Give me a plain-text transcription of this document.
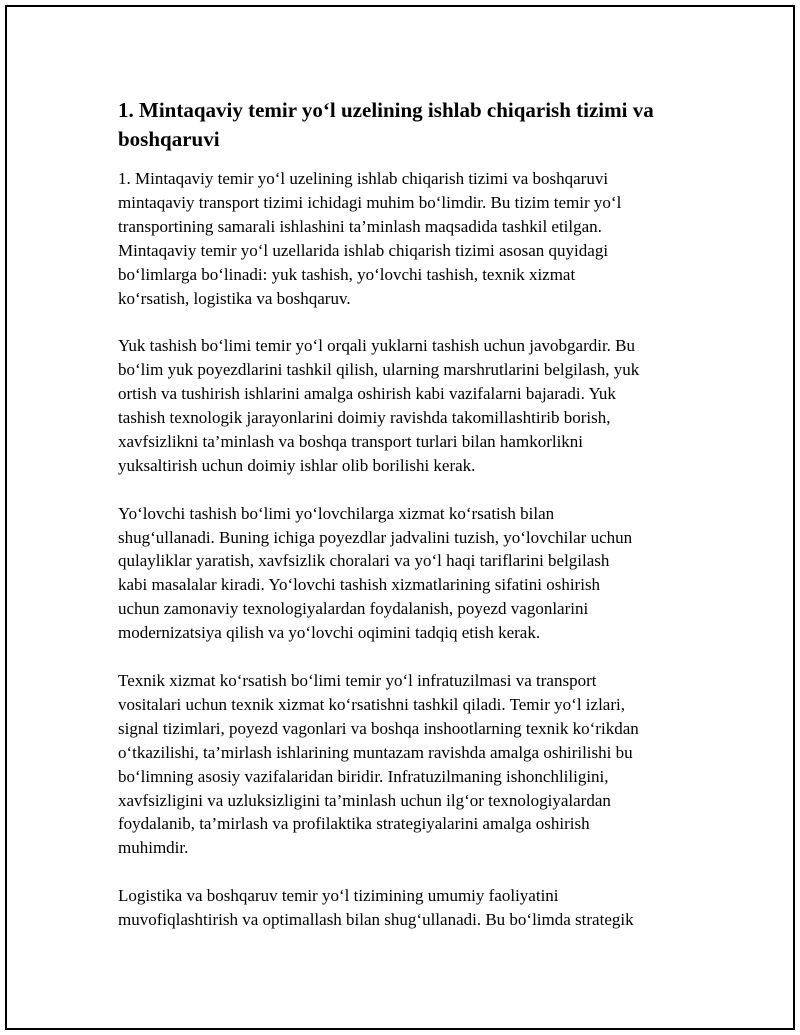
1. Mintaqaviy temir yo‘l uzelining ishlab chiqarish tizimi va boshqaruvi

1. Mintaqaviy temir yo‘l uzelining ishlab chiqarish tizimi va boshqaruvi
mintaqaviy transport tizimi ichidagi muhim bo‘limdir. Bu tizim temir yo‘l
transportining samarali ishlashini ta’minlash maqsadida tashkil etilgan.
Mintaqaviy temir yo‘l uzellarida ishlab chiqarish tizimi asosan quyidagi
bo‘limlarga bo‘linadi: yuk tashish, yo‘lovchi tashish, texnik xizmat
ko‘rsatish, logistika va boshqaruv.

Yuk tashish bo‘limi temir yo‘l orqali yuklarni tashish uchun javobgardir. Bu
bo‘lim yuk poyezdlarini tashkil qilish, ularning marshrutlarini belgilash, yuk
ortish va tushirish ishlarini amalga oshirish kabi vazifalarni bajaradi. Yuk
tashish texnologik jarayonlarini doimiy ravishda takomillashtirib borish,
xavfsizlikni ta’minlash va boshqa transport turlari bilan hamkorlikni
yuksaltirish uchun doimiy ishlar olib borilishi kerak.

Yo‘lovchi tashish bo‘limi yo‘lovchilarga xizmat ko‘rsatish bilan
shug‘ullanadi. Buning ichiga poyezdlar jadvalini tuzish, yo‘lovchilar uchun
qulayliklar yaratish, xavfsizlik choralari va yo‘l haqi tariflarini belgilash
kabi masalalar kiradi. Yo‘lovchi tashish xizmatlarining sifatini oshirish
uchun zamonaviy texnologiyalardan foydalanish, poyezd vagonlarini
modernizatsiya qilish va yo‘lovchi oqimini tadqiq etish kerak.

Texnik xizmat ko‘rsatish bo‘limi temir yo‘l infratuzilmasi va transport
vositalari uchun texnik xizmat ko‘rsatishni tashkil qiladi. Temir yo‘l izlari,
signal tizimlari, poyezd vagonlari va boshqa inshootlarning texnik ko‘rikdan
o‘tkazilishi, ta’mirlash ishlarining muntazam ravishda amalga oshirilishi bu
bo‘limning asosiy vazifalaridan biridir. Infratuzilmaning ishonchliligini,
xavfsizligini va uzluksizligini ta’minlash uchun ilg‘or texnologiyalardan
foydalanib, ta’mirlash va profilaktika strategiyalarini amalga oshirish
muhimdir.

Logistika va boshqaruv temir yo‘l tizimining umumiy faoliyatini
muvofiqlashtirish va optimallash bilan shug‘ullanadi. Bu bo‘limda strategik
